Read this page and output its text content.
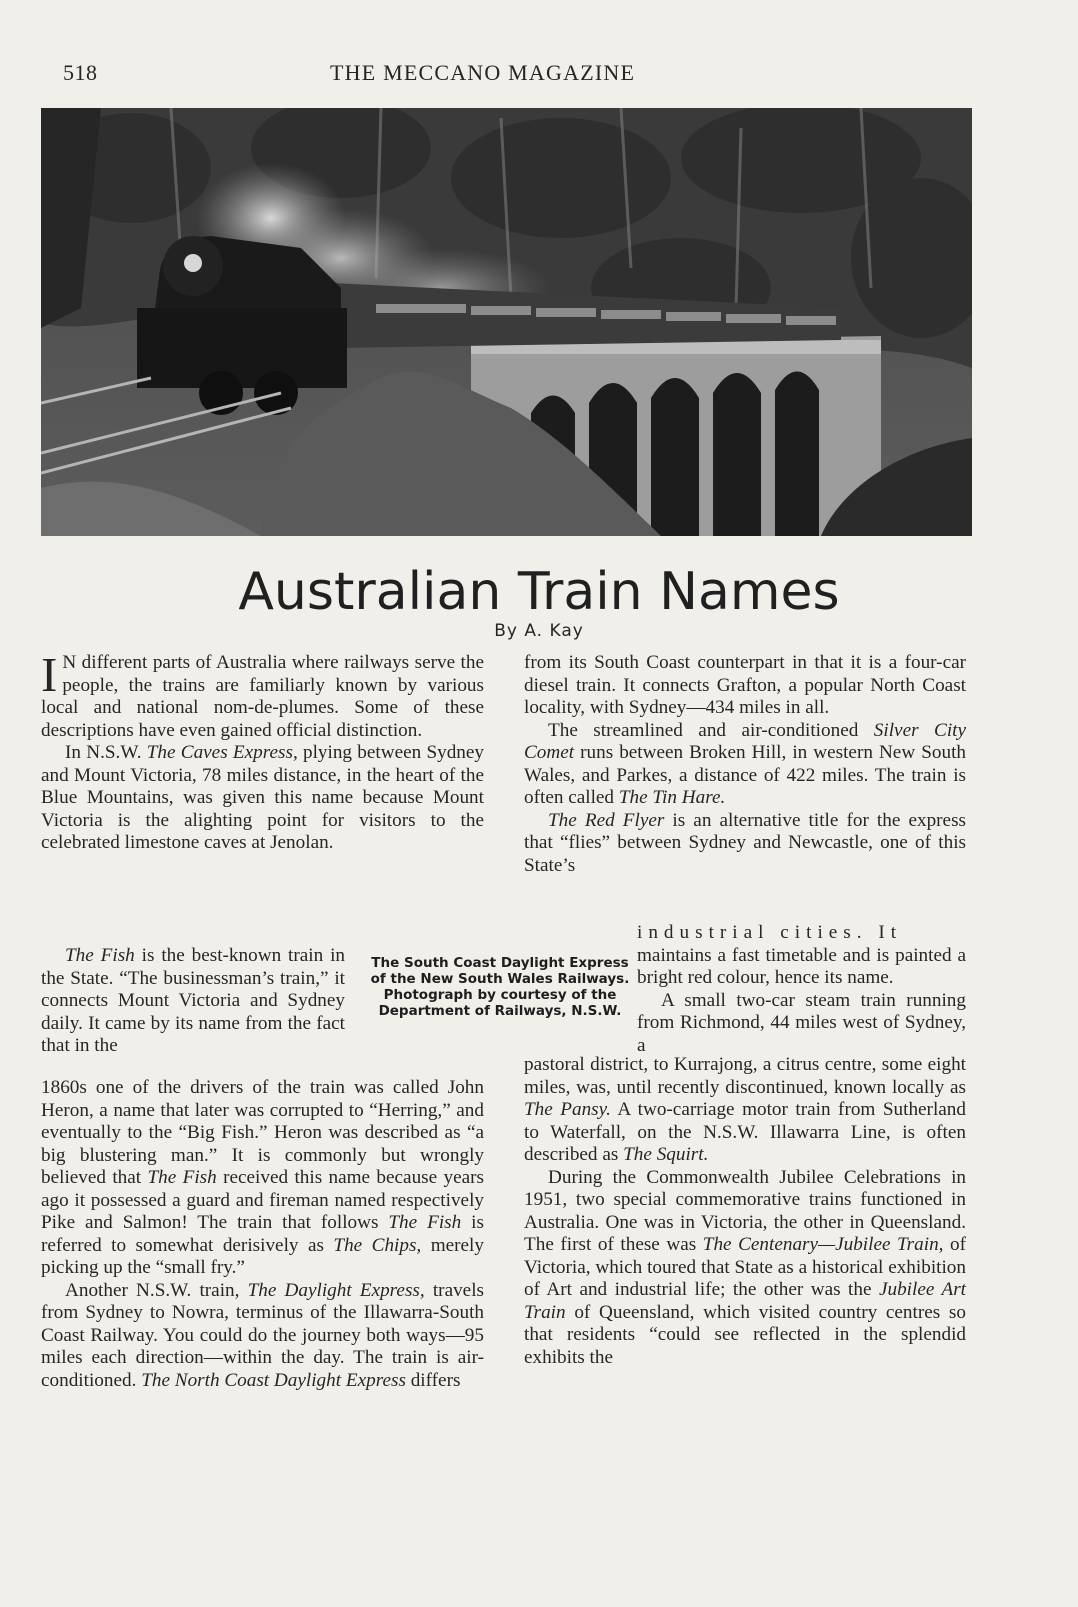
518	THE MECCANO MAGAZINE
Australian Train Names
By A. Kay

I N different parts of Australia where railways serve the people, the trains are familiarly known by various local and national nom-de-plumes. Some of these descriptions have even gained official distinction.

In N.S.W. The Caves Express, plying between Sydney and Mount Victoria, 78 miles distance, in the heart of the Blue Mountains, was given this name because Mount Victoria is the alighting point for visitors to the celebrated limestone caves at Jenolan.

The Fish is the best-known train in the State. “The businessman’s train,” it connects Mount Victoria and Sydney daily. It came by its name from the fact that in the

The South Coast Daylight Express of the New South Wales Railways. Photograph by courtesy of the Department of Railways, N.S.W.

1860s one of the drivers of the train was called John Heron, a name that later was corrupted to “Herring,” and eventually to the “Big Fish.” Heron was described as “a big blustering man.” It is commonly but wrongly believed that The Fish received this name because years ago it possessed a guard and fireman named respectively Pike and Salmon! The train that follows The Fish is referred to somewhat derisively as The Chips, merely picking up the “small fry.”

Another N.S.W. train, The Daylight Express, travels from Sydney to Nowra, terminus of the Illawarra-South Coast Railway. You could do the journey both ways—95 miles each direction—within the day. The train is air-conditioned. The North Coast Daylight Express differs

from its South Coast counterpart in that it is a four-car diesel train. It connects Grafton, a popular North Coast locality, with Sydney—434 miles in all.

The streamlined and air-conditioned Silver City Comet runs between Broken Hill, in western New South Wales, and Parkes, a distance of 422 miles. The train is often called The Tin Hare.

The Red Flyer is an alternative title for the express that “flies” between Sydney and Newcastle, one of this State’s

industrial cities. It

maintains a fast timetable and is painted a bright red colour, hence its name.

A small two-car steam train running from Richmond, 44 miles west of Sydney, a

pastoral district, to Kurrajong, a citrus centre, some eight miles, was, until recently discontinued, known locally as The Pansy. A two-carriage motor train from Sutherland to Waterfall, on the N.S.W. Illawarra Line, is often described as The Squirt.

During the Commonwealth Jubilee Celebrations in 1951, two special commemorative trains functioned in Australia. One was in Victoria, the other in Queensland. The first of these was The Centenary—Jubilee Train, of Victoria, which toured that State as a historical exhibition of Art and industrial life; the other was the Jubilee Art Train of Queensland, which visited country centres so that residents “could see reflected in the splendid exhibits the
